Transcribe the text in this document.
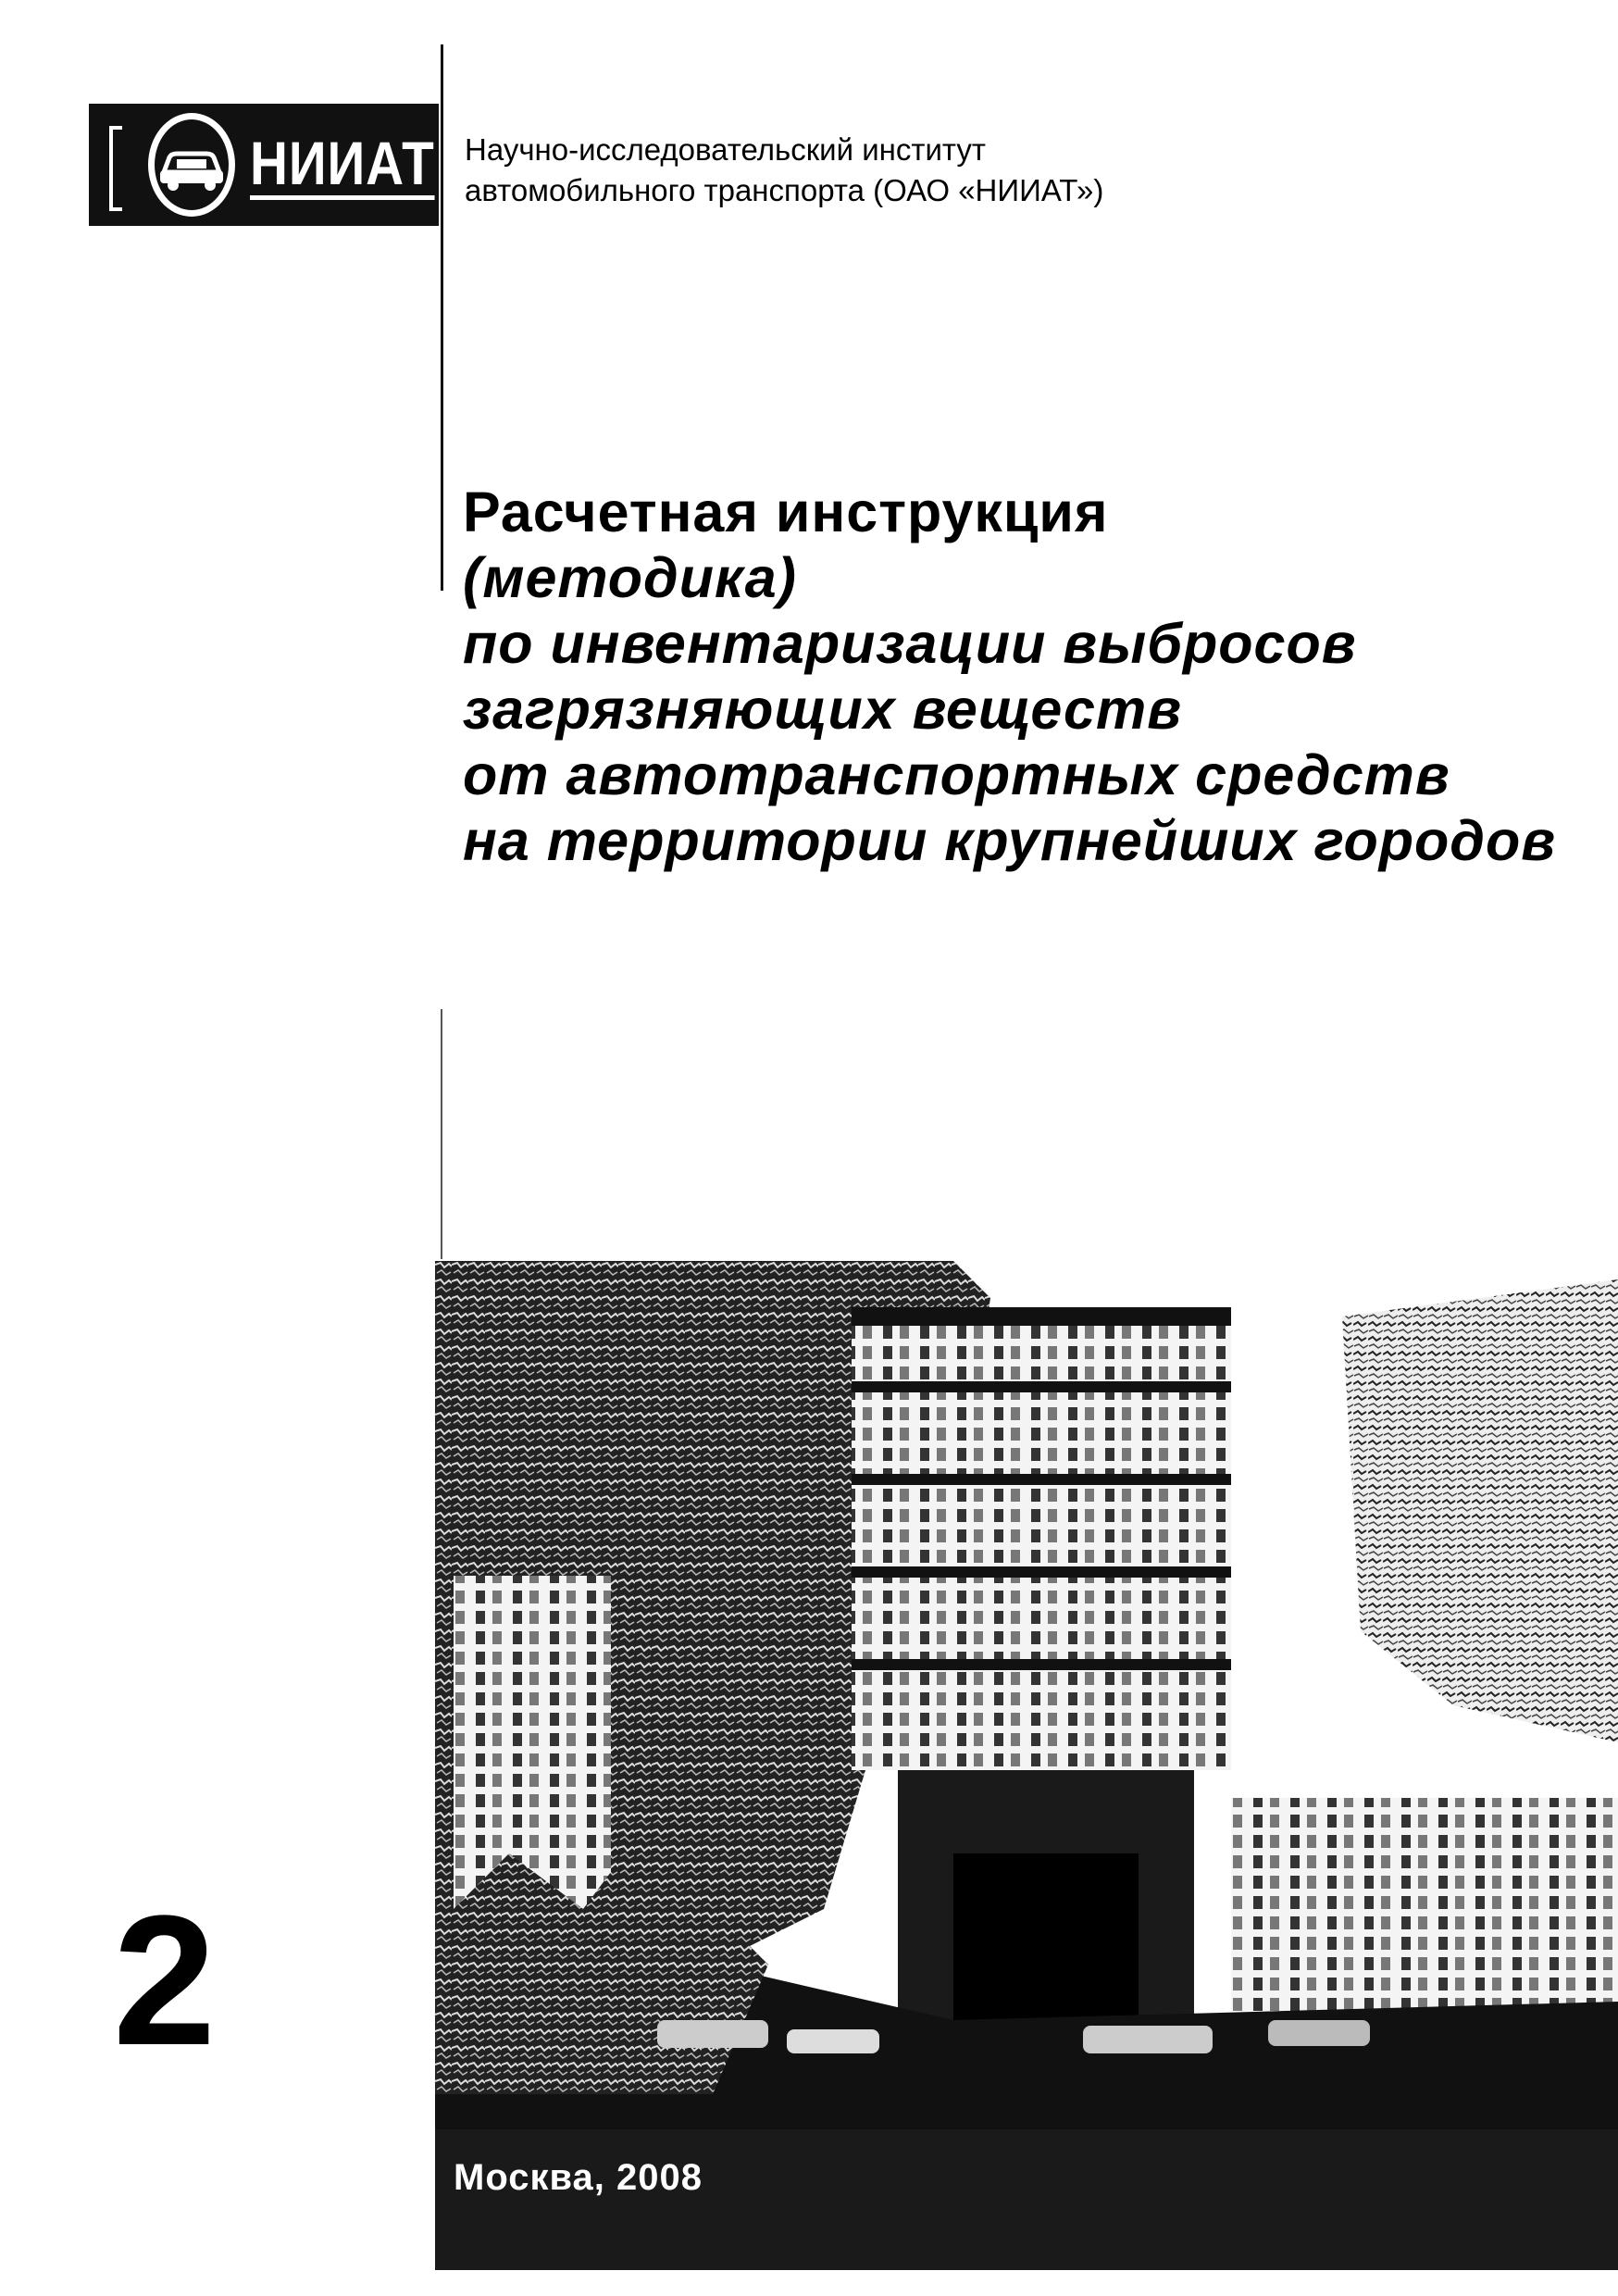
НИИАТ Научно-исследовательский институт
автомобильного транспорта (ОАО «НИИАТ»)

Расчетная инструкция
(методика)
по инвентаризации выбросов
загрязняющих веществ
от автотранспортных средств
на территории крупнейших городов
2
Москва, 2008
